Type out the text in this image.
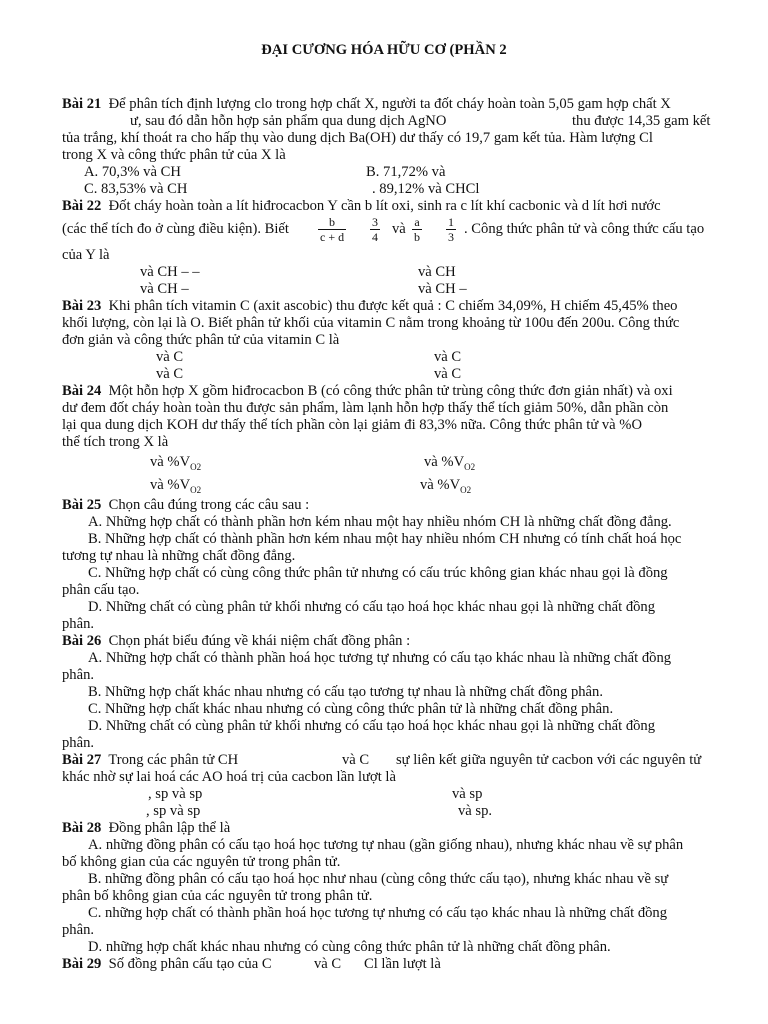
ĐẠI CƯƠNG HÓA HỮU CƠ (PHẦN 2
Bài 21 Để phân tích định lượng clo trong hợp chất X, người ta đốt cháy hoàn toàn 5,05 gam hợp chất X
ư, sau đó dẫn hỗn hợp sản phẩm qua dung dịch AgNO	thu được 14,35 gam kết
tủa trắng, khí thoát ra cho hấp thụ vào dung dịch Ba(OH) dư thấy có 19,7 gam kết tủa. Hàm lượng Cl
trong X và công thức phân tử của X là
A. 70,3% và CH	B. 71,72% và
C. 83,53% và CH	. 89,12% và CHCl
Bài 22 Đốt cháy hoàn toàn a lít hiđrocacbon Y cần b lít oxi, sinh ra c lít khí cacbonic và d lít hơi nước
(các thể tích đo ở cùng điều kiện). Biết $\frac{b}{c + d} \frac{3}{4}$ và $\frac{a}{b} \frac{1}{3}$ . Công thức phân tử và công thức cấu tạo
của Y là
và CH – –	và CH
và CH –	và CH –
Bài 23 Khi phân tích vitamin C (axit ascobic) thu được kết quả : C chiếm 34,09%, H chiếm 45,45% theo
khối lượng, còn lại là O. Biết phân tử khối của vitamin C nằm trong khoảng từ 100u đến 200u. Công thức
đơn giản và công thức phân tử của vitamin C là
và C	và C
và C	và C
Bài 24 Một hỗn hợp X gồm hiđrocacbon B (có công thức phân tử trùng công thức đơn giản nhất) và oxi
dư đem đốt cháy hoàn toàn thu được sản phẩm, làm lạnh hỗn hợp thấy thể tích giảm 50%, dẫn phần còn
lại qua dung dịch KOH dư thấy thể tích phần còn lại giảm đi 83,3% nữa. Công thức phân tử và %O
thể tích trong X là
và $\%V_{O2}$	và $\%V_{O2}$
và $\%V_{O2}$	và $\%V_{O2}$
Bài 25 Chọn câu đúng trong các câu sau :
A. Những hợp chất có thành phần hơn kém nhau một hay nhiều nhóm CH là những chất đồng đẳng.
B. Những hợp chất có thành phần hơn kém nhau một hay nhiều nhóm CH nhưng có tính chất hoá học
tương tự nhau là những chất đồng đẳng.
C. Những hợp chất có cùng công thức phân tử nhưng có cấu trúc không gian khác nhau gọi là đồng
phân cấu tạo.
D. Những chất có cùng phân tử khối nhưng có cấu tạo hoá học khác nhau gọi là những chất đồng
phân.
Bài 26 Chọn phát biểu đúng về khái niệm chất đồng phân :
A. Những hợp chất có thành phần hoá học tương tự nhưng có cấu tạo khác nhau là những chất đồng
phân.
B. Những hợp chất khác nhau nhưng có cấu tạo tương tự nhau là những chất đồng phân.
C. Những hợp chất khác nhau nhưng có cùng công thức phân tử là những chất đồng phân.
D. Những chất có cùng phân tử khối nhưng có cấu tạo hoá học khác nhau gọi là những chất đồng
phân.
Bài 27 Trong các phân tử CH	và C sự liên kết giữa nguyên tử cacbon với các nguyên tử
khác nhờ sự lai hoá các AO hoá trị của cacbon lần lượt là
, sp và sp	và sp
, sp và sp	và sp.
Bài 28 Đồng phân lập thể là
A. những đồng phân có cấu tạo hoá học tương tự nhau (gần giống nhau), nhưng khác nhau về sự phân
bố không gian của các nguyên tử trong phân tử.
B. những đồng phân có cấu tạo hoá học như nhau (cùng công thức cấu tạo), nhưng khác nhau về sự
phân bố không gian của các nguyên tử trong phân tử.
C. những hợp chất có thành phần hoá học tương tự nhưng có cấu tạo khác nhau là những chất đồng
phân.
D. những hợp chất khác nhau nhưng có cùng công thức phân tử là những chất đồng phân.
Bài 29 Số đồng phân cấu tạo của C	và C Cl lần lượt là
